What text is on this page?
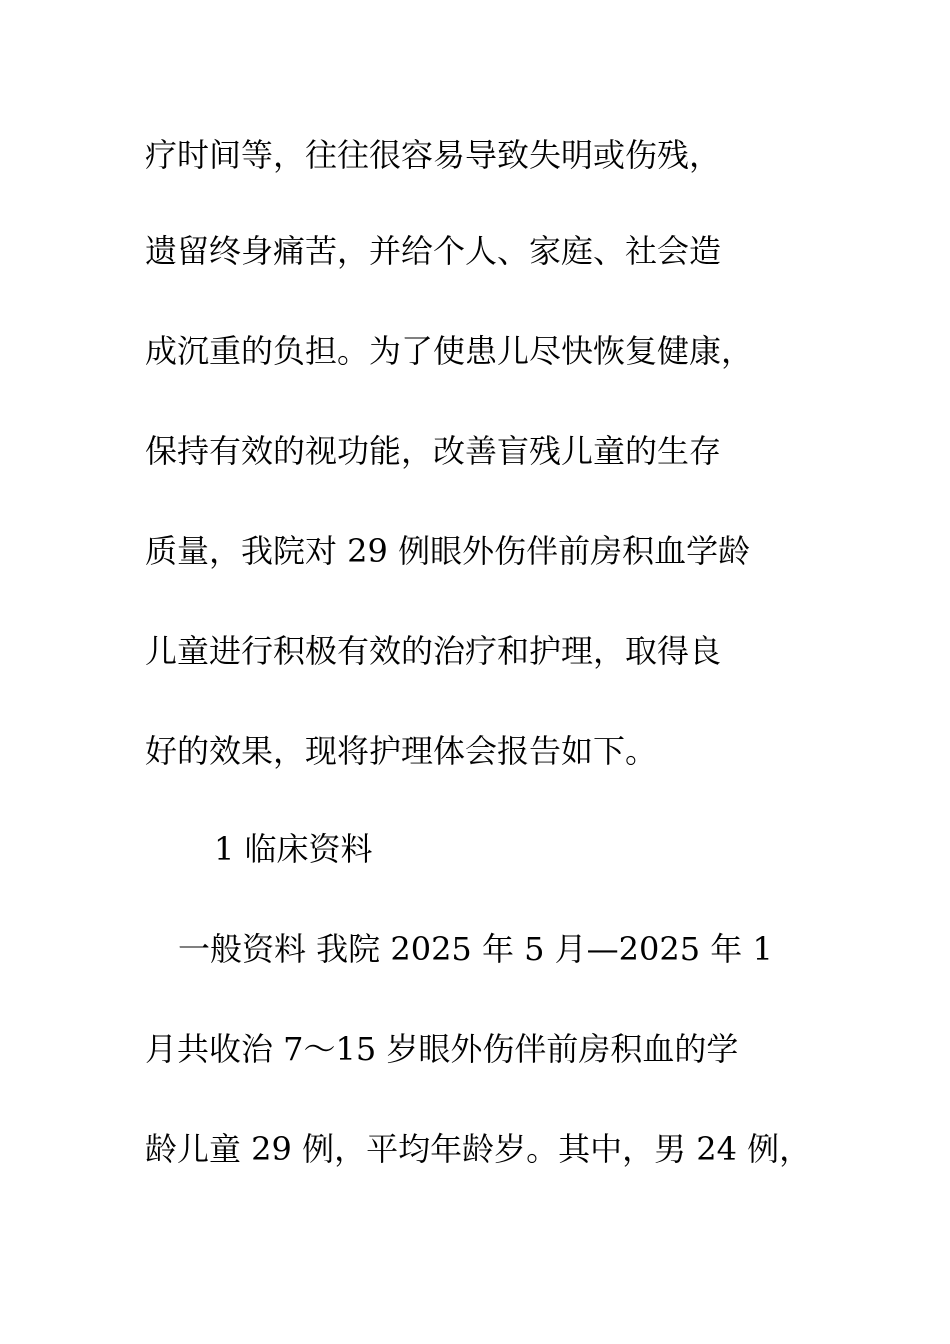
疗时间等，往往很容易导致失明或伤残，
遗留终身痛苦，并给个人、家庭、社会造
成沉重的负担。为了使患儿尽快恢复健康，
保持有效的视功能，改善盲残儿童的生存
质量，我院对 29 例眼外伤伴前房积血学龄
儿童进行积极有效的治疗和护理，取得良
好的效果，现将护理体会报告如下。
1 临床资料
一般资料 我院 2025 年 5 月—2025 年 1
月共收治 7～15 岁眼外伤伴前房积血的学
龄儿童 29 例，平均年龄岁。其中，男 24 例，
